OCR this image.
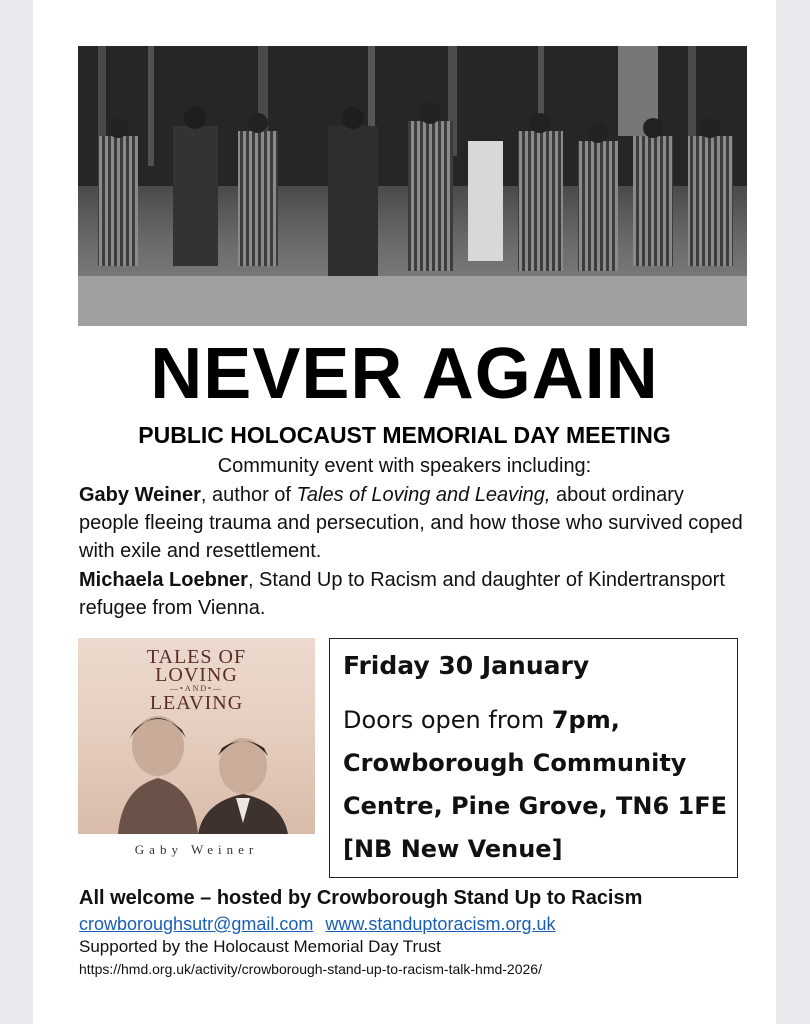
NEVER AGAIN
PUBLIC HOLOCAUST MEMORIAL DAY MEETING
Community event with speakers including:
Gaby Weiner, author of Tales of Loving and Leaving, about ordinary people fleeing trauma and persecution, and how those who survived coped with exile and resettlement.
Michaela Loebner, Stand Up to Racism and daughter of Kindertransport refugee from Vienna.
TALES OF
LOVING
—•AND•—
LEAVING
Gaby Weiner
Friday 30 January
Doors open from 7pm,
Crowborough Community
Centre, Pine Grove, TN6 1FE
[NB New Venue]
All welcome – hosted by Crowborough Stand Up to Racism
crowboroughsutr@gmail.com www.standuptoracism.org.uk
Supported by the Holocaust Memorial Day Trust
https://hmd.org.uk/activity/crowborough-stand-up-to-racism-talk-hmd-2026/
